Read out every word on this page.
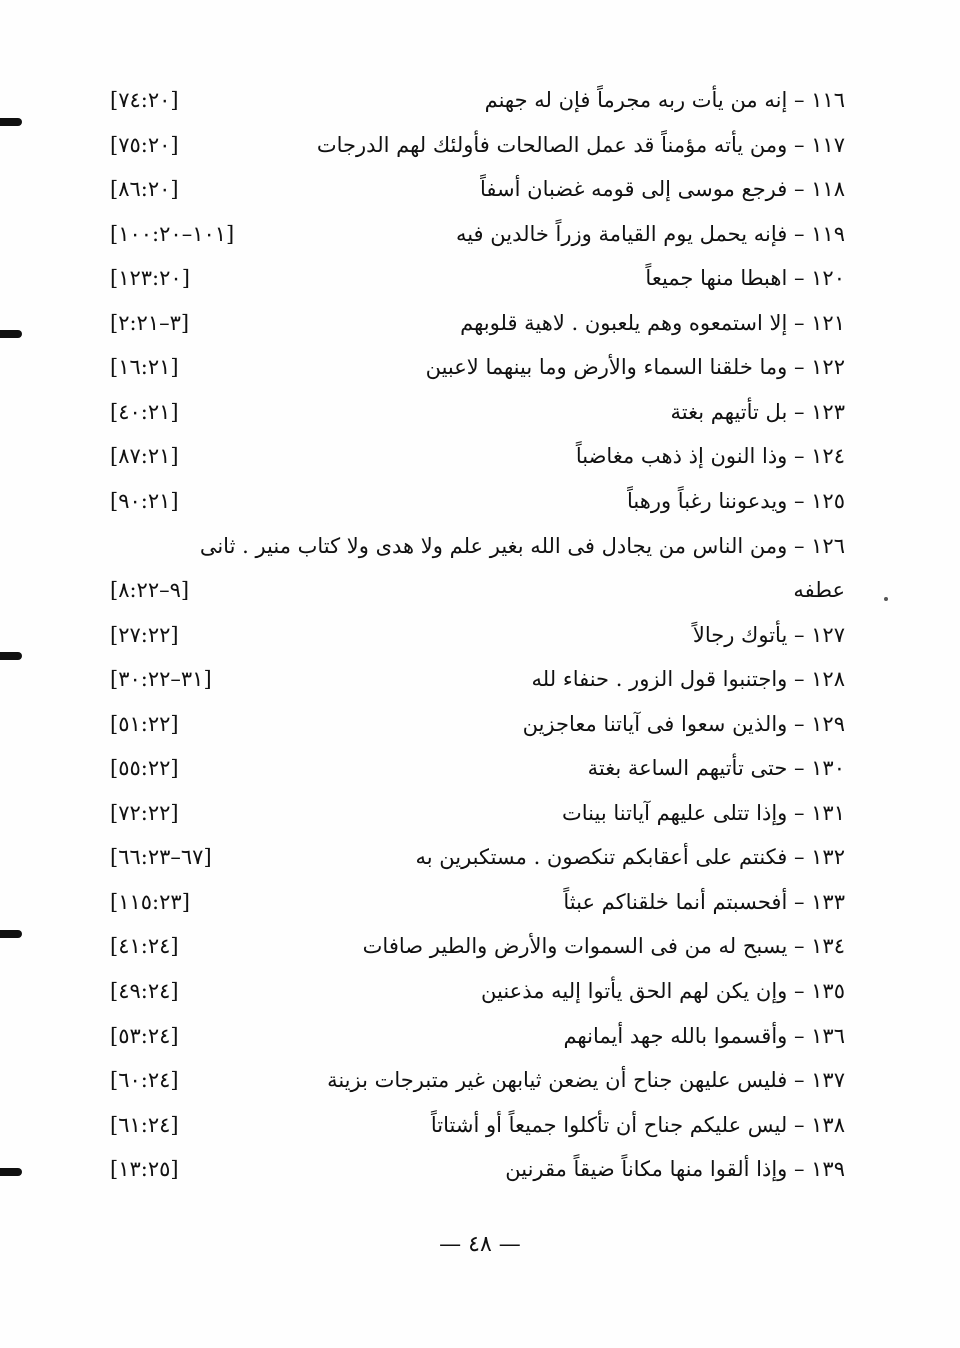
١١٦ – إنه من يأت ربه مجرماً فإن له جهنم
[٧٤:٢٠]
١١٧ – ومن يأته مؤمناً قد عمل الصالحات فأولئك لهم الدرجات
[٧٥:٢٠]
١١٨ – فرجع موسى إلى قومه غضبان أسفاً
[٨٦:٢٠]
١١٩ – فإنه يحمل يوم القيامة وزراً خالدين فيه
[١٠١–١٠٠:٢٠]
١٢٠ – اهبطا منها جميعاً
[١٢٣:٢٠]
١٢١ – إلا استمعوه وهم يلعبون . لاهية قلوبهم
[٣–٢:٢١]
١٢٢ – وما خلقنا السماء والأرض وما بينهما لاعبين
[١٦:٢١]
١٢٣ – بل تأتيهم بغتة
[٤٠:٢١]
١٢٤ – وذا النون إذ ذهب مغاضباً
[٨٧:٢١]
١٢٥ – ويدعوننا رغباً ورهباً
[٩٠:٢١]
١٢٦ – ومن الناس من يجادل فى الله بغير علم ولا هدى ولا كتاب منير . ثانى
عطفه
[٩–٨:٢٢]
١٢٧ – يأتوك رجالاً
[٢٧:٢٢]
١٢٨ – واجتنبوا قول الزور . حنفاء لله
[٣١–٣٠:٢٢]
١٢٩ – والذين سعوا فى آياتنا معاجزين
[٥١:٢٢]
١٣٠ – حتى تأتيهم الساعة بغتة
[٥٥:٢٢]
١٣١ – وإذا تتلى عليهم آياتنا بينات
[٧٢:٢٢]
١٣٢ – فكنتم على أعقابكم تنكصون . مستكبرين به
[٦٧–٦٦:٢٣]
١٣٣ – أفحسبتم أنما خلقناكم عبثاً
[١١٥:٢٣]
١٣٤ – يسبح له من فى السموات والأرض والطير صافات
[٤١:٢٤]
١٣٥ – وإن يكن لهم الحق يأتوا إليه مذعنين
[٤٩:٢٤]
١٣٦ – وأقسموا بالله جهد أيمانهم
[٥٣:٢٤]
١٣٧ – فليس عليهن جناح أن يضعن ثيابهن غير متبرجات بزينة
[٦٠:٢٤]
١٣٨ – ليس عليكم جناح أن تأكلوا جميعاً أو أشتاتاً
[٦١:٢٤]
١٣٩ – وإذا ألقوا منها مكاناً ضيقاً مقرنين
[١٣:٢٥]
— ٤٨ —
